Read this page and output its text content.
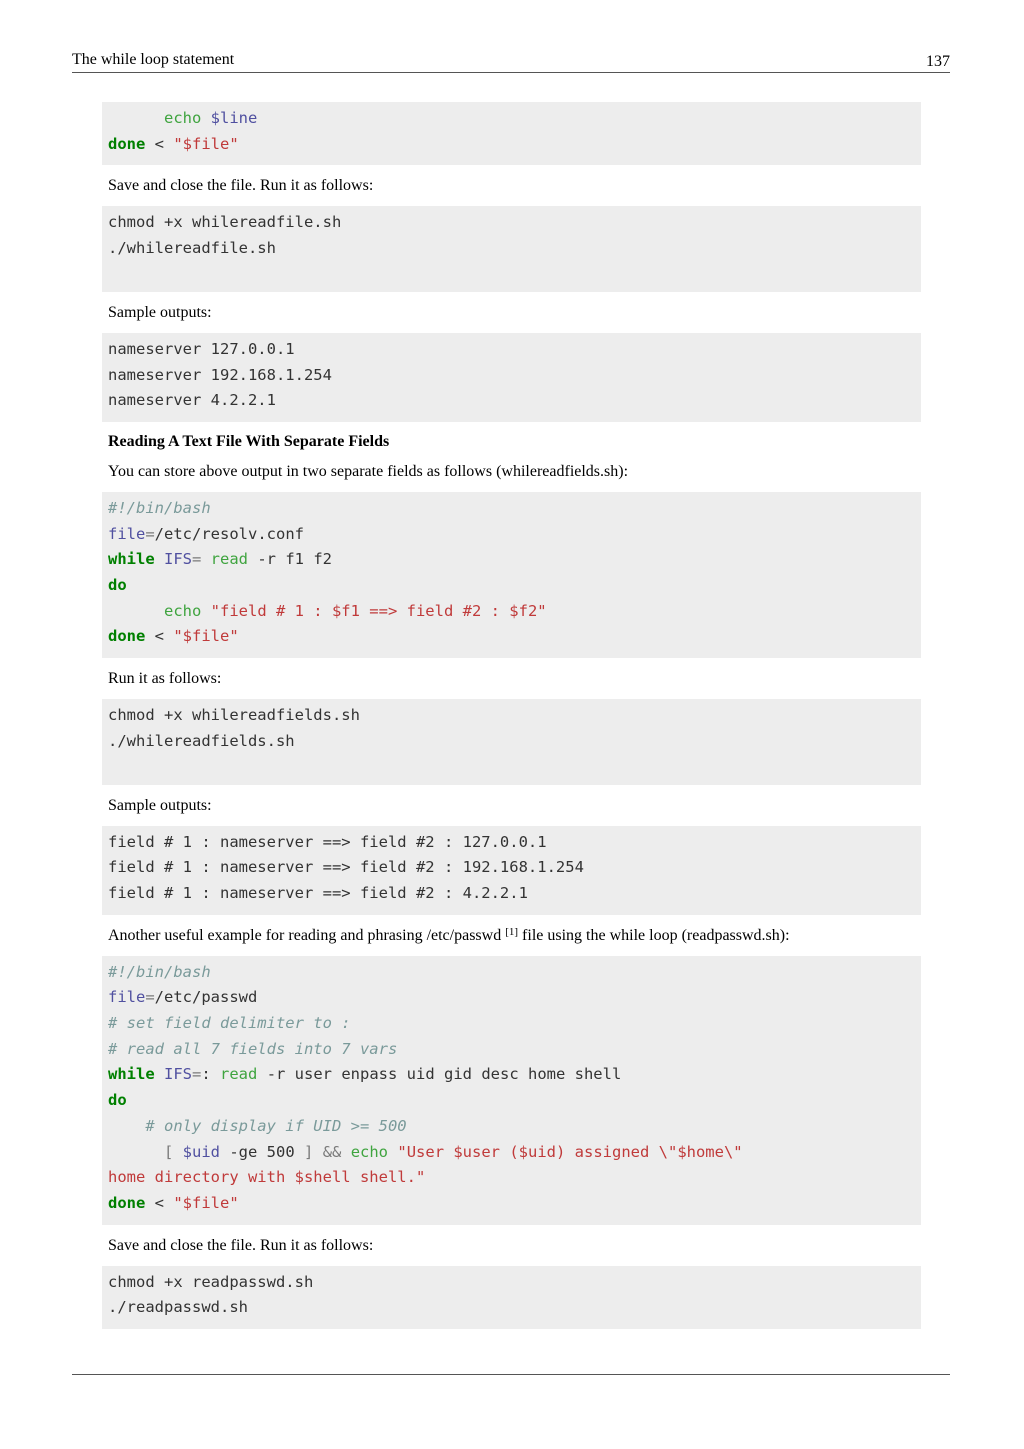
The while loop statement	137
echo $line
done < "$file"
Save and close the file. Run it as follows:
chmod +x whilereadfile.sh
./whilereadfile.sh
Sample outputs:
nameserver 127.0.0.1
nameserver 192.168.1.254
nameserver 4.2.2.1
Reading A Text File With Separate Fields
You can store above output in two separate fields as follows (whilereadfields.sh):
#!/bin/bash
file=/etc/resolv.conf
while IFS= read -r f1 f2
do
echo "field # 1 : $f1 ==> field #2 : $f2"
done < "$file"
Run it as follows:
chmod +x whilereadfields.sh
./whilereadfields.sh
Sample outputs:
field # 1 : nameserver ==> field #2 : 127.0.0.1
field # 1 : nameserver ==> field #2 : 192.168.1.254
field # 1 : nameserver ==> field #2 : 4.2.2.1
Another useful example for reading and phrasing /etc/passwd [1] file using the while loop (readpasswd.sh):
#!/bin/bash
file=/etc/passwd
# set field delimiter to :
# read all 7 fields into 7 vars
while IFS=: read -r user enpass uid gid desc home shell
do
# only display if UID >= 500
[ $uid -ge 500 ] && echo "User $user ($uid) assigned \"$home\"
home directory with $shell shell."
done < "$file"
Save and close the file. Run it as follows:
chmod +x readpasswd.sh
./readpasswd.sh
